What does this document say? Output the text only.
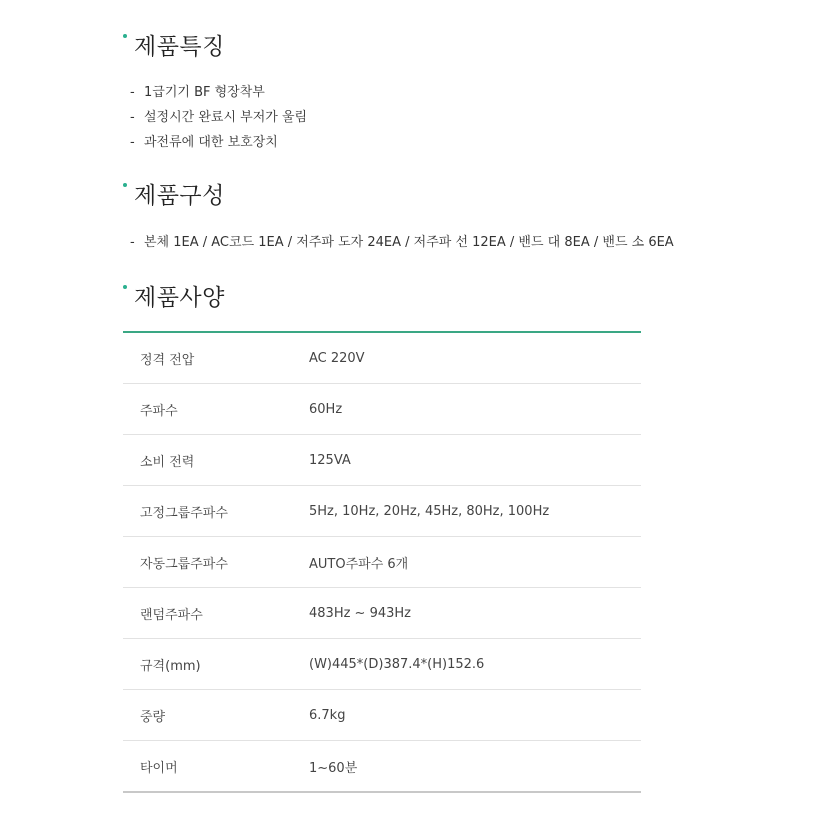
제품특징
- 1급기기 BF 형장착부
- 설정시간 완료시 부저가 울림
- 과전류에 대한 보호장치
제품구성
- 본체 1EA / AC코드 1EA / 저주파 도자 24EA / 저주파 선 12EA / 밴드 대 8EA / 밴드 소 6EA
제품사양
정격 전압	AC 220V
주파수	60Hz
소비 전력	125VA
고정그룹주파수	5Hz, 10Hz, 20Hz, 45Hz, 80Hz, 100Hz
자동그룹주파수	AUTO주파수 6개
랜덤주파수	483Hz ~ 943Hz
규격(mm)	(W)445*(D)387.4*(H)152.6
중량	6.7kg
타이머	1~60분
